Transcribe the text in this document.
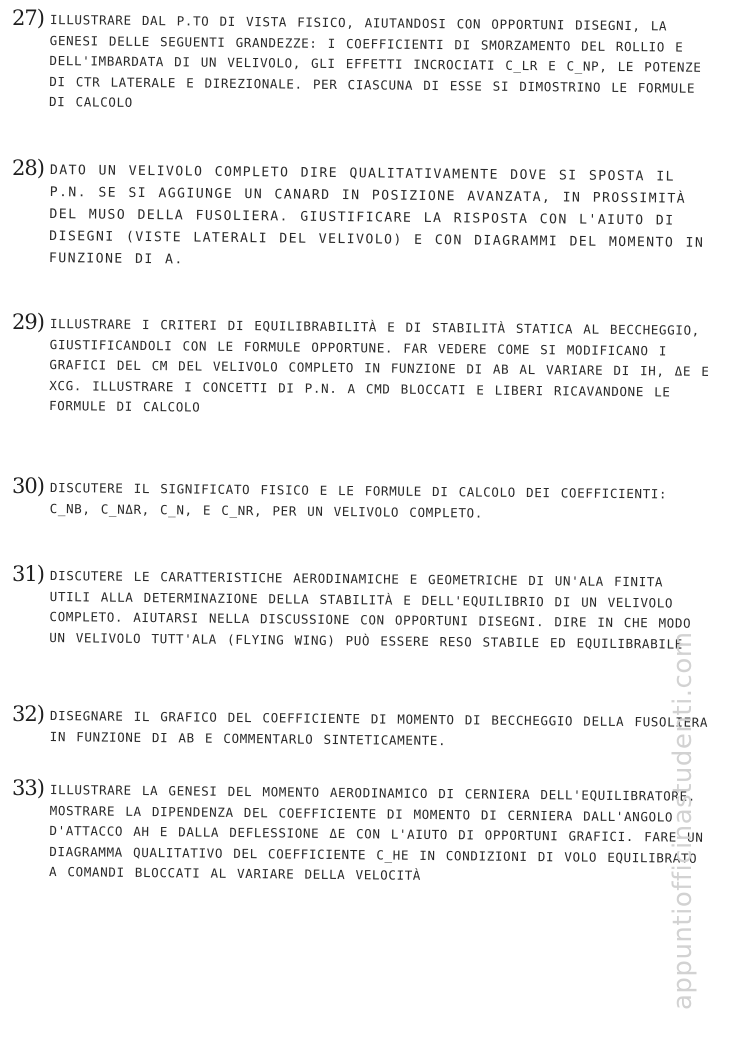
27) ILLUSTRARE DAL P.TO DI VISTA FISICO, AIUTANDOSI CON OPPORTUNI DISEGNI, LA GENESI DELLE SEGUENTI GRANDEZZE: I COEFFICIENTI DI SMORZAMENTO DEL ROLLIO E DELL'IMBARDATA DI UN VELIVOLO, GLI EFFETTI INCROCIATI C_LR E C_NP, LE POTENZE DI CTR LATERALE E DIREZIONALE. PER CIASCUNA DI ESSE SI DIMOSTRINO LE FORMULE DI CALCOLO
28) DATO UN VELIVOLO COMPLETO DIRE QUALITATIVAMENTE DOVE SI SPOSTA IL P.N. SE SI AGGIUNGE UN CANARD IN POSIZIONE AVANZATA, IN PROSSIMITÀ DEL MUSO DELLA FUSOLIERA. GIUSTIFICARE LA RISPOSTA CON L'AIUTO DI DISEGNI (VISTE LATERALI DEL VELIVOLO) E CON DIAGRAMMI DEL MOMENTO IN FUNZIONE DI Α.
29) ILLUSTRARE I CRITERI DI EQUILIBRABILITÀ E DI STABILITÀ STATICA AL BECCHEGGIO, GIUSTIFICANDOLI CON LE FORMULE OPPORTUNE. FAR VEDERE COME SI MODIFICANO I GRAFICI DEL CM DEL VELIVOLO COMPLETO IN FUNZIONE DI ΑB AL VARIARE DI IH, ΔE E XCG. ILLUSTRARE I CONCETTI DI P.N. A CMD BLOCCATI E LIBERI RICAVANDONE LE FORMULE DI CALCOLO
30) DISCUTERE IL SIGNIFICATO FISICO E LE FORMULE DI CALCOLO DEI COEFFICIENTI: C_NB, C_NΔR, C_N, E C_NR, PER UN VELIVOLO COMPLETO.
31) DISCUTERE LE CARATTERISTICHE AERODINAMICHE E GEOMETRICHE DI UN'ALA FINITA UTILI ALLA DETERMINAZIONE DELLA STABILITÀ E DELL'EQUILIBRIO DI UN VELIVOLO COMPLETO. AIUTARSI NELLA DISCUSSIONE CON OPPORTUNI DISEGNI. DIRE IN CHE MODO UN VELIVOLO TUTT'ALA (FLYING WING) PUÒ ESSERE RESO STABILE ED EQUILIBRABILE
32) DISEGNARE IL GRAFICO DEL COEFFICIENTE DI MOMENTO DI BECCHEGGIO DELLA FUSOLIERA IN FUNZIONE DI ΑB E COMMENTARLO SINTETICAMENTE.
33) ILLUSTRARE LA GENESI DEL MOMENTO AERODINAMICO DI CERNIERA DELL'EQUILIBRATORE. MOSTRARE LA DIPENDENZA DEL COEFFICIENTE DI MOMENTO DI CERNIERA DALL'ANGOLO D'ATTACCO ΑH E DALLA DEFLESSIONE ΔE CON L'AIUTO DI OPPORTUNI GRAFICI. FARE UN DIAGRAMMA QUALITATIVO DEL COEFFICIENTE C_HE IN CONDIZIONI DI VOLO EQUILIBRATO A COMANDI BLOCCATI AL VARIARE DELLA VELOCITÀ	appuntiofficinastudenti.com
